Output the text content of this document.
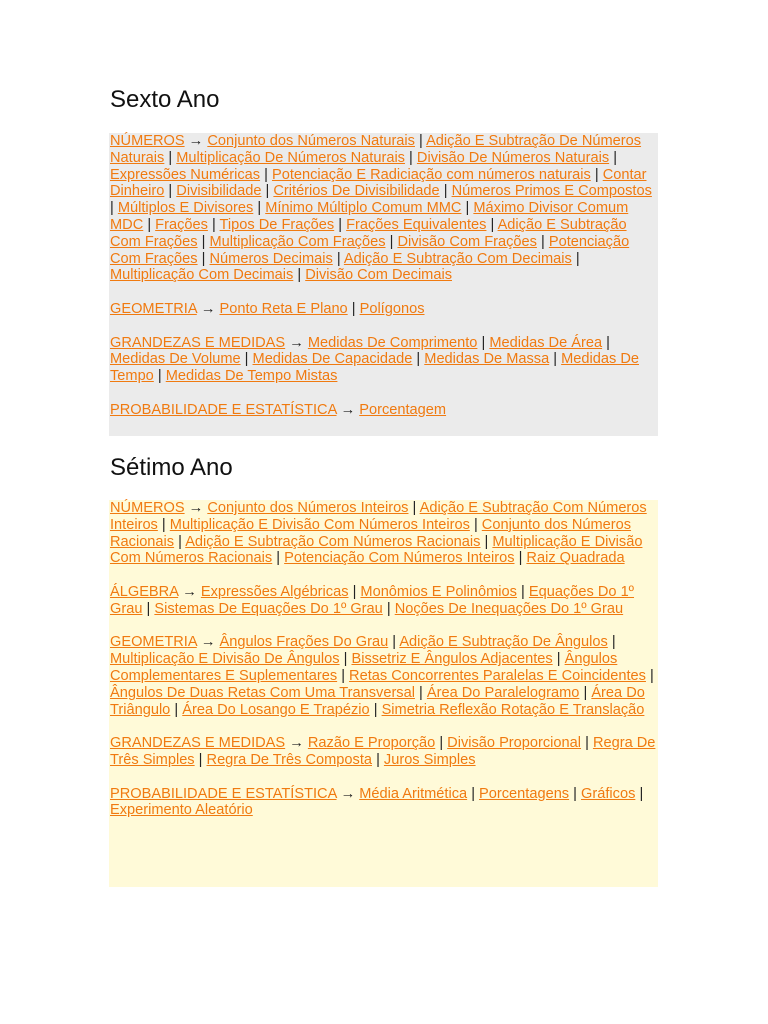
Sexto Ano

NÚMEROS → Conjunto dos Números Naturais | Adição E Subtração De Números Naturais | Multiplicação De Números Naturais | Divisão De Números Naturais | Expressões Numéricas | Potenciação E Radiciação com números naturais | Contar Dinheiro | Divisibilidade | Critérios De Divisibilidade | Números Primos E Compostos | Múltiplos E Divisores | Mínimo Múltiplo Comum MMC | Máximo Divisor Comum MDC | Frações | Tipos De Frações | Frações Equivalentes | Adição E Subtração Com Frações | Multiplicação Com Frações | Divisão Com Frações | Potenciação Com Frações | Números Decimais | Adição E Subtração Com Decimais | Multiplicação Com Decimais | Divisão Com Decimais

GEOMETRIA → Ponto Reta E Plano | Polígonos

GRANDEZAS E MEDIDAS → Medidas De Comprimento | Medidas De Área | Medidas De Volume | Medidas De Capacidade | Medidas De Massa | Medidas De Tempo | Medidas De Tempo Mistas

PROBABILIDADE E ESTATÍSTICA → Porcentagem

Sétimo Ano

NÚMEROS → Conjunto dos Números Inteiros | Adição E Subtração Com Números Inteiros | Multiplicação E Divisão Com Números Inteiros | Conjunto dos Números Racionais | Adição E Subtração Com Números Racionais | Multiplicação E Divisão Com Números Racionais | Potenciação Com Números Inteiros | Raiz Quadrada

ÁLGEBRA → Expressões Algébricas | Monômios E Polinômios | Equações Do 1º Grau | Sistemas De Equações Do 1º Grau | Noções De Inequações Do 1º Grau

GEOMETRIA → Ângulos Frações Do Grau | Adição E Subtração De Ângulos | Multiplicação E Divisão De Ângulos | Bissetriz E Ângulos Adjacentes | Ângulos Complementares E Suplementares | Retas Concorrentes Paralelas E Coincidentes | Ângulos De Duas Retas Com Uma Transversal | Área Do Paralelogramo | Área Do Triângulo | Área Do Losango E Trapézio | Simetria Reflexão Rotação E Translação

GRANDEZAS E MEDIDAS → Razão E Proporção | Divisão Proporcional | Regra De Três Simples | Regra De Três Composta | Juros Simples

PROBABILIDADE E ESTATÍSTICA → Média Aritmética | Porcentagens | Gráficos | Experimento Aleatório
